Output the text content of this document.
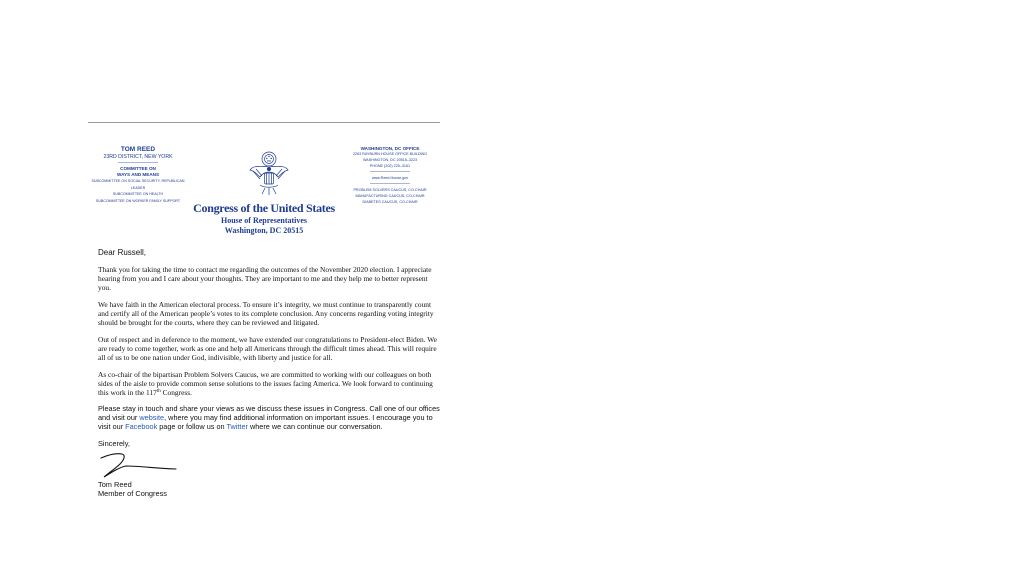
TOM REED
23RD DISTRICT, NEW YORK
————————
COMMITTEE ON
WAYS AND MEANS
SUBCOMMITTEE ON SOCIAL SECURITY, REPUBLICAN LEADER
SUBCOMMITTEE ON HEALTH
SUBCOMMITTEE ON WORKER FAMILY SUPPORT
Congress of the United States
House of Representatives
Washington, DC 20515
WASHINGTON, DC OFFICE
2263 RAYBURN HOUSE OFFICE BUILDING
WASHINGTON, DC 20515–3223
PHONE (202) 225–3161
————————
www.Reed.House.gov
————————
PROBLEM SOLVERS CAUCUS, CO-CHAIR
MANUFACTURING CAUCUS, CO-CHAIR
DIABETES CAUCUS, CO-CHAIR

Dear Russell,

Thank you for taking the time to contact me regarding the outcomes of the November 2020 election. I appreciate hearing from you and I care about your thoughts. They are important to me and they help me to better represent you.

We have faith in the American electoral process. To ensure it’s integrity, we must continue to transparently count and certify all of the American people’s votes to its complete conclusion. Any concerns regarding voting integrity should be brought for the courts, where they can be reviewed and litigated.

Out of respect and in deference to the moment, we have extended our congratulations to President-elect Biden. We are ready to come together, work as one and help all Americans through the difficult times ahead. This will require all of us to be one nation under God, indivisible, with liberty and justice for all.

As co-chair of the bipartisan Problem Solvers Caucus, we are committed to working with our colleagues on both sides of the aisle to provide common sense solutions to the issues facing America. We look forward to continuing this work in the 117th Congress.

Please stay in touch and share your views as we discuss these issues in Congress. Call one of our offices and visit our website, where you may find additional information on important issues. I encourage you to visit our Facebook page or follow us on Twitter where we can continue our conversation.

Sincerely,

Tom Reed

Member of Congress
